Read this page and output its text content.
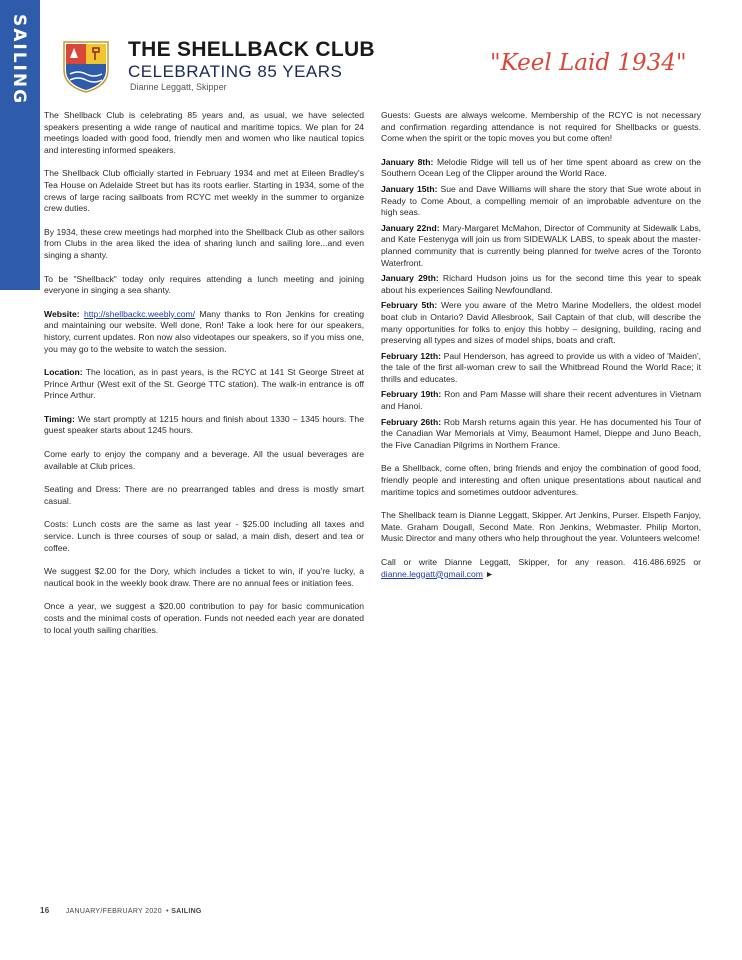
SAILING	THE SHELLBACK CLUB
CELEBRATING 85 YEARS
Dianne Leggatt, Skipper
"Keel Laid 1934"

The Shellback Club is celebrating 85 years and, as usual, we have selected speakers presenting a wide range of nautical and maritime topics. We plan for 24 meetings loaded with good food, friendly men and women who like nautical topics and interesting informed speakers.

The Shellback Club officially started in February 1934 and met at Eileen Bradley's Tea House on Adelaide Street but has its roots earlier. Starting in 1934, some of the crews of large racing sailboats from RCYC met weekly in the summer to organize crew duties.

By 1934, these crew meetings had morphed into the Shellback Club as other sailors from Clubs in the area liked the idea of sharing lunch and sailing lore...and even singing a shanty.

To be "Shellback" today only requires attending a lunch meeting and joining everyone in singing a sea shanty.

Website: http://shellbackc.weebly.com/ Many thanks to Ron Jenkins for creating and maintaining our website. Well done, Ron! Take a look here for our speakers, history, current updates. Ron now also videotapes our speakers, so if you miss one, you may go to the website to watch the session.

Location: The location, as in past years, is the RCYC at 141 St George Street at Prince Arthur (West exit of the St. George TTC station). The walk-in entrance is off Prince Arthur.

Timing: We start promptly at 1215 hours and finish about 1330 – 1345 hours. The guest speaker starts about 1245 hours.

Come early to enjoy the company and a beverage. All the usual beverages are available at Club prices.

Seating and Dress: There are no prearranged tables and dress is mostly smart casual.

Costs: Lunch costs are the same as last year - $25.00 including all taxes and service. Lunch is three courses of soup or salad, a main dish, desert and tea or coffee.

We suggest $2.00 for the Dory, which includes a ticket to win, if you're lucky, a nautical book in the weekly book draw. There are no annual fees or initiation fees.

Once a year, we suggest a $20.00 contribution to pay for basic communication costs and the minimal costs of operation. Funds not needed each year are donated to local youth sailing charities.

Guests: Guests are always welcome. Membership of the RCYC is not necessary and confirmation regarding attendance is not required for Shellbacks or guests. Come when the spirit or the topic moves you but come often!

January 8th: Melodie Ridge will tell us of her time spent aboard as crew on the Southern Ocean Leg of the Clipper around the World Race.

January 15th: Sue and Dave Williams will share the story that Sue wrote about in Ready to Come About, a compelling memoir of an improbable adventure on the high seas.

January 22nd: Mary-Margaret McMahon, Director of Community at Sidewalk Labs, and Kate Festenyga will join us from SIDEWALK LABS, to speak about the master-planned community that is currently being planned for twelve acres of the Toronto Waterfront.

January 29th: Richard Hudson joins us for the second time this year to speak about his experiences Sailing Newfoundland.

February 5th: Were you aware of the Metro Marine Modellers, the oldest model boat club in Ontario? David Allesbrook, Sail Captain of that club, will describe the many opportunities for folks to enjoy this hobby – designing, building, racing and preserving all types and sizes of model ships, boats and craft.

February 12th: Paul Henderson, has agreed to provide us with a video of 'Maiden', the tale of the first all-woman crew to sail the Whitbread Round the World Race; it thrills and educates.

February 19th: Ron and Pam Masse will share their recent adventures in Vietnam and Hanoi.

February 26th: Rob Marsh returns again this year. He has documented his Tour of the Canadian War Memorials at Vimy, Beaumont Hamel, Dieppe and Juno Beach, the Five Canadian Pilgrims in Northern France.

Be a Shellback, come often, bring friends and enjoy the combination of good food, friendly people and interesting and often unique presentations about nautical and maritime topics and sometimes outdoor adventures.

The Shellback team is Dianne Leggatt, Skipper. Art Jenkins, Purser. Elspeth Fanjoy, Mate. Graham Dougall, Second Mate. Ron Jenkins, Webmaster. Philip Morton, Music Director and many others who help throughout the year. Volunteers welcome!

Call or write Dianne Leggatt, Skipper, for any reason. 416.486.6925 or dianne.leggatt@gmail.com ►

16 JANUARY/FEBRUARY 2020 • SAILING
